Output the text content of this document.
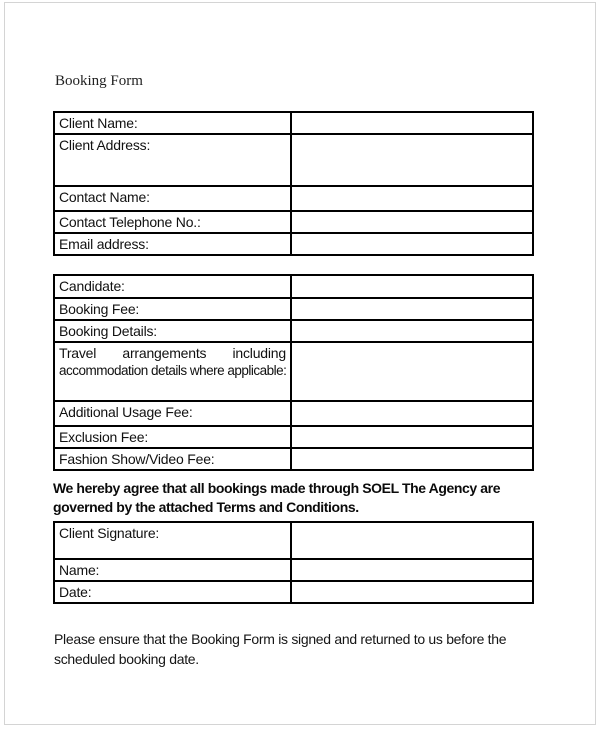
Booking Form
Client Name:	
Client Address:	
Contact Name:	
Contact Telephone No.:	
Email address:	
Candidate:	
Booking Fee:	
Booking Details:	

Travel arrangements including
accommodation details where applicable:	

Additional Usage Fee:	
Exclusion Fee:	
Fashion Show/Video Fee:	
We hereby agree that all bookings made through SOEL The Agency are
governed by the attached Terms and Conditions.
Client Signature:	
Name:	
Date:	
Please ensure that the Booking Form is signed and returned to us before the
scheduled booking date.
